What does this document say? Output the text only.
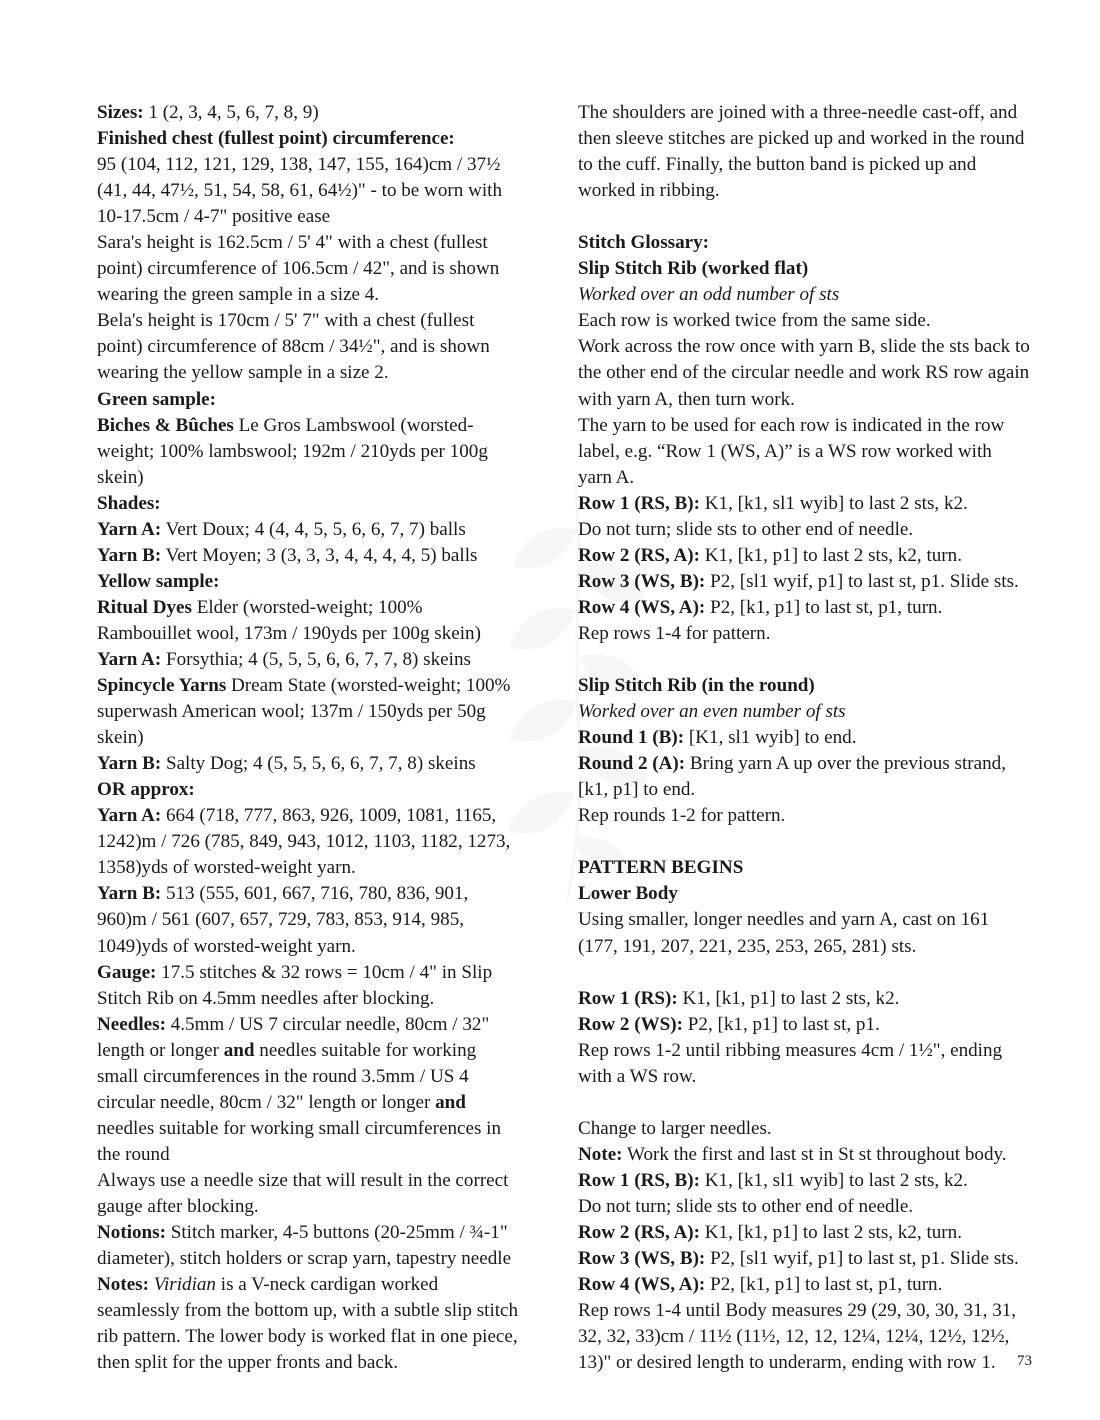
Sizes: 1 (2, 3, 4, 5, 6, 7, 8, 9)

Finished chest (fullest point) circumference:

95 (104, 112, 121, 129, 138, 147, 155, 164)cm / 37½ (41, 44, 47½, 51, 54, 58, 61, 64½)" - to be worn with 10-17.5cm / 4-7" positive ease

Sara's height is 162.5cm / 5' 4" with a chest (fullest point) circumference of 106.5cm / 42", and is shown wearing the green sample in a size 4.

Bela's height is 170cm / 5' 7" with a chest (fullest point) circumference of 88cm / 34½", and is shown wearing the yellow sample in a size 2.

Green sample:

Biches & Bûches Le Gros Lambswool (worsted-weight; 100% lambswool; 192m / 210yds per 100g skein)

Shades:

Yarn A: Vert Doux; 4 (4, 4, 5, 5, 6, 6, 7, 7) balls

Yarn B: Vert Moyen; 3 (3, 3, 3, 4, 4, 4, 4, 5) balls

Yellow sample:

Ritual Dyes Elder (worsted-weight; 100% Rambouillet wool, 173m / 190yds per 100g skein)

Yarn A: Forsythia; 4 (5, 5, 5, 6, 6, 7, 7, 8) skeins

Spincycle Yarns Dream State (worsted-weight; 100% superwash American wool; 137m / 150yds per 50g skein)

Yarn B: Salty Dog; 4 (5, 5, 5, 6, 6, 7, 7, 8) skeins

OR approx:

Yarn A: 664 (718, 777, 863, 926, 1009, 1081, 1165, 1242)m / 726 (785, 849, 943, 1012, 1103, 1182, 1273, 1358)yds of worsted-weight yarn.

Yarn B: 513 (555, 601, 667, 716, 780, 836, 901, 960)m / 561 (607, 657, 729, 783, 853, 914, 985, 1049)yds of worsted-weight yarn.

Gauge: 17.5 stitches & 32 rows = 10cm / 4" in Slip Stitch Rib on 4.5mm needles after blocking.

Needles: 4.5mm / US 7 circular needle, 80cm / 32" length or longer and needles suitable for working small circumferences in the round 3.5mm / US 4 circular needle, 80cm / 32" length or longer and needles suitable for working small circumferences in the round

Always use a needle size that will result in the correct gauge after blocking.

Notions: Stitch marker, 4-5 buttons (20-25mm / ¾-1" diameter), stitch holders or scrap yarn, tapestry needle

Notes: Viridian is a V-neck cardigan worked seamlessly from the bottom up, with a subtle slip stitch rib pattern. The lower body is worked flat in one piece, then split for the upper fronts and back.

The shoulders are joined with a three-needle cast-off, and then sleeve stitches are picked up and worked in the round to the cuff. Finally, the button band is picked up and worked in ribbing.

Stitch Glossary:

Slip Stitch Rib (worked flat)

Worked over an odd number of sts

Each row is worked twice from the same side.

Work across the row once with yarn B, slide the sts back to the other end of the circular needle and work RS row again with yarn A, then turn work.

The yarn to be used for each row is indicated in the row label, e.g. “Row 1 (WS, A)” is a WS row worked with yarn A.

Row 1 (RS, B): K1, [k1, sl1 wyib] to last 2 sts, k2.

Do not turn; slide sts to other end of needle.

Row 2 (RS, A): K1, [k1, p1] to last 2 sts, k2, turn.

Row 3 (WS, B): P2, [sl1 wyif, p1] to last st, p1. Slide sts.

Row 4 (WS, A): P2, [k1, p1] to last st, p1, turn.

Rep rows 1-4 for pattern.

Slip Stitch Rib (in the round)

Worked over an even number of sts

Round 1 (B): [K1, sl1 wyib] to end.

Round 2 (A): Bring yarn A up over the previous strand, [k1, p1] to end.

Rep rounds 1-2 for pattern.

PATTERN BEGINS

Lower Body

Using smaller, longer needles and yarn A, cast on 161 (177, 191, 207, 221, 235, 253, 265, 281) sts.

Row 1 (RS): K1, [k1, p1] to last 2 sts, k2.

Row 2 (WS): P2, [k1, p1] to last st, p1.

Rep rows 1-2 until ribbing measures 4cm / 1½", ending with a WS row.

Change to larger needles.

Note: Work the first and last st in St st throughout body.

Row 1 (RS, B): K1, [k1, sl1 wyib] to last 2 sts, k2.

Do not turn; slide sts to other end of needle.

Row 2 (RS, A): K1, [k1, p1] to last 2 sts, k2, turn.

Row 3 (WS, B): P2, [sl1 wyif, p1] to last st, p1. Slide sts.

Row 4 (WS, A): P2, [k1, p1] to last st, p1, turn.

Rep rows 1-4 until Body measures 29 (29, 30, 30, 31, 31, 32, 32, 33)cm / 11½ (11½, 12, 12, 12¼, 12¼, 12½, 12½, 13)" or desired length to underarm, ending with row 1.	73
